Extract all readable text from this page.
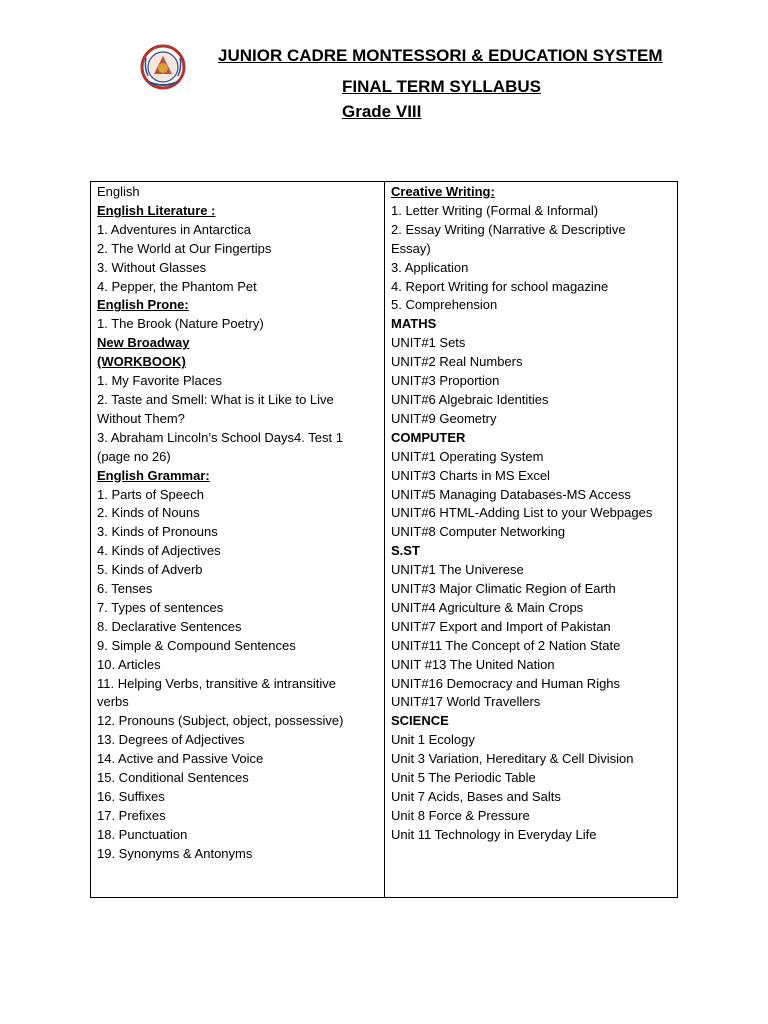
JUNIOR CADRE MONTESSORI & EDUCATION SYSTEM
FINAL TERM SYLLABUS
Grade VIII
English
English Literature :
1. Adventures in Antarctica
2. The World at Our Fingertips
3. Without Glasses
4. Pepper, the Phantom Pet
English Prone:
1. The Brook (Nature Poetry)
New Broadway
(WORKBOOK)
1. My Favorite Places
2. Taste and Smell: What is it Like to Live
Without Them?
3. Abraham Lincoln’s School Days4. Test 1
(page no 26)
English Grammar:
1. Parts of Speech
2. Kinds of Nouns
3. Kinds of Pronouns
4. Kinds of Adjectives
5. Kinds of Adverb
6. Tenses
7. Types of sentences
8. Declarative Sentences
9. Simple & Compound Sentences
10. Articles
11. Helping Verbs, transitive & intransitive
verbs
12. Pronouns (Subject, object, possessive)
13. Degrees of Adjectives
14. Active and Passive Voice
15. Conditional Sentences
16. Suffixes
17. Prefixes
18. Punctuation
19. Synonyms & Antonyms
Creative Writing:
1. Letter Writing (Formal & Informal)
2. Essay Writing (Narrative & Descriptive
Essay)
3. Application
4. Report Writing for school magazine
5. Comprehension
MATHS
UNIT#1 Sets
UNIT#2 Real Numbers
UNIT#3 Proportion
UNIT#6 Algebraic Identities
UNIT#9 Geometry
COMPUTER
UNIT#1 Operating System
UNIT#3 Charts in MS Excel
UNIT#5 Managing Databases-MS Access
UNIT#6 HTML-Adding List to your Webpages
UNIT#8 Computer Networking
S.ST
UNIT#1 The Univerese
UNIT#3 Major Climatic Region of Earth
UNIT#4 Agriculture & Main Crops
UNIT#7 Export and Import of Pakistan
UNIT#11 The Concept of 2 Nation State
UNIT #13 The United Nation
UNIT#16 Democracy and Human Righs
UNIT#17 World Travellers
SCIENCE
Unit 1 Ecology
Unit 3 Variation, Hereditary & Cell Division
Unit 5 The Periodic Table
Unit 7 Acids, Bases and Salts
Unit 8 Force & Pressure
Unit 11 Technology in Everyday Life
